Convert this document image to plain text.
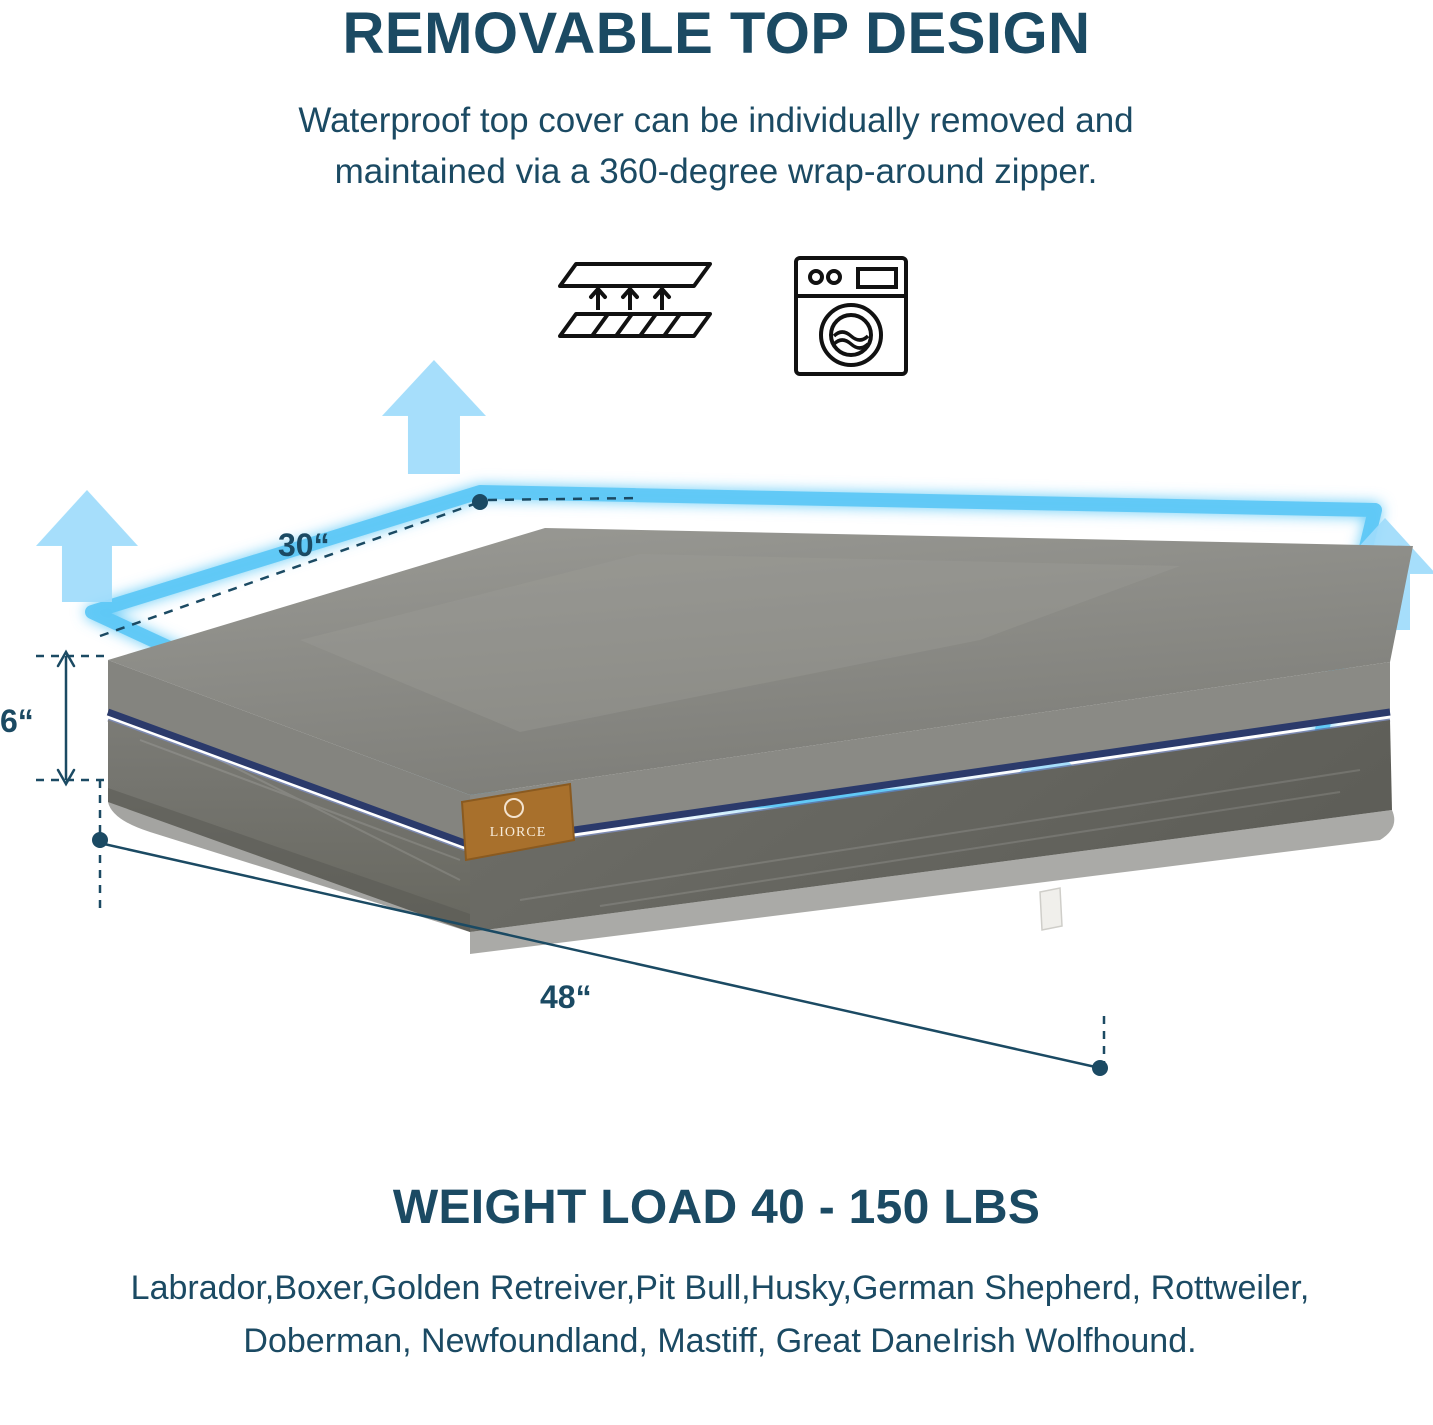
REMOVABLE TOP DESIGN
Waterproof top cover can be individually removed and maintained via a 360-degree wrap-around zipper.
LIORCE
30“
6“
48“
WEIGHT LOAD 40 - 150 LBS
Labrador,Boxer,Golden Retreiver,Pit Bull,Husky,German Shepherd, Rottweiler, Doberman, Newfoundland, Mastiff, Great DaneIrish Wolfhound.
